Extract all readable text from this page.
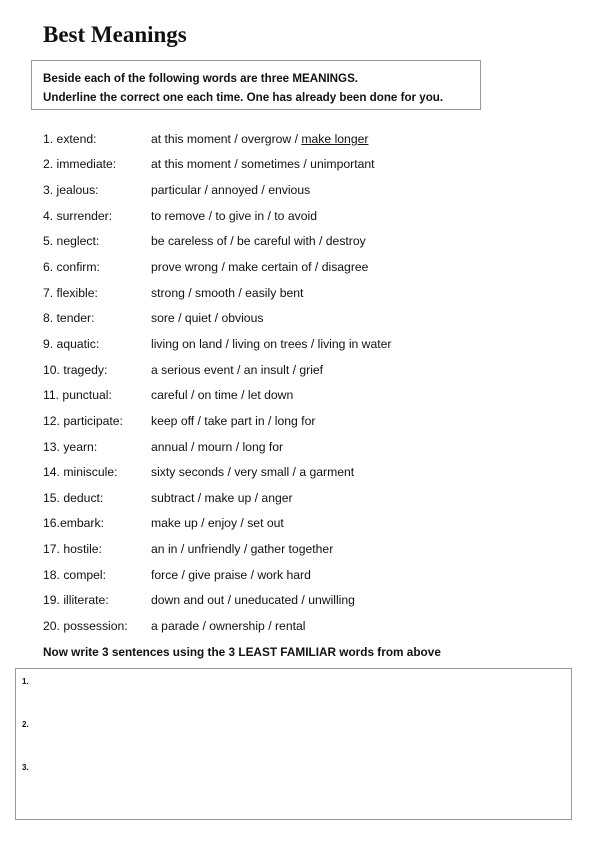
Best Meanings
Beside each of the following words are three MEANINGS.
Underline the correct one each time. One has already been done for you.
1. extend:	at this moment / overgrow / make longer
2. immediate:	at this moment / sometimes / unimportant
3. jealous:	particular / annoyed / envious
4. surrender:	to remove / to give in / to avoid
5. neglect:	be careless of / be careful with / destroy
6. confirm:	prove wrong / make certain of / disagree
7. flexible:	strong / smooth / easily bent
8. tender:	sore / quiet / obvious
9. aquatic:	living on land / living on trees / living in water
10. tragedy:	a serious event / an insult / grief
11. punctual:	careful / on time / let down
12. participate:	keep off / take part in / long for
13. yearn:	annual / mourn / long for
14. miniscule:	sixty seconds / very small / a garment
15. deduct:	subtract / make up / anger
16.embark:	make up / enjoy / set out
17. hostile:	an in / unfriendly / gather together
18. compel:	force / give praise / work hard
19. illiterate:	down and out / uneducated / unwilling
20. possession:	a parade / ownership / rental
Now write 3 sentences using the 3 LEAST FAMILIAR words from above
1.
2.
3.
